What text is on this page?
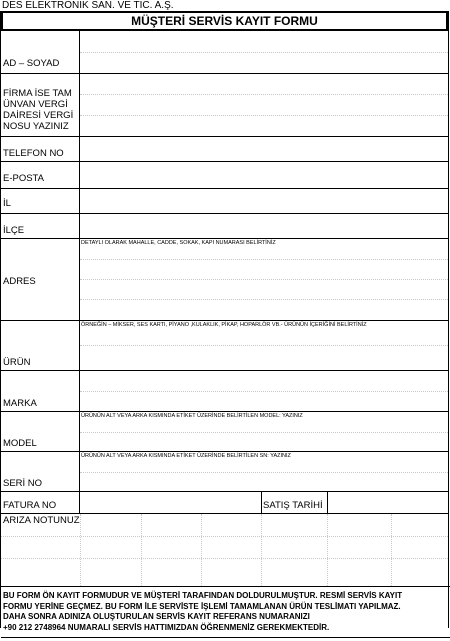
DES ELEKTRONİK SAN. VE TİC. A.Ş.
MÜŞTERİ SERVİS KAYIT FORMU
AD – SOYAD
FİRMA İSE TAM
ÜNVAN VERGİ
DAİRESİ VERGİ
NOSU YAZINIZ
TELEFON NO
E-POSTA
İL
İLÇE
ADRES
DETAYLI OLARAK MAHALLE, CADDE, SOKAK, KAPI NUMARASI BELİRTİNİZ
ÜRÜN
ÖRNEĞİN – MİKSER, SES KARTI, PİYANO ,KULAKLIK, PİKAP, HOPARLÖR VB.- ÜRÜNÜN İÇERİĞİNİ BELİRTİNİZ
MARKA
MODEL
ÜRÜNÜN ALT VEYA ARKA KISMINDA ETİKET ÜZERİNDE BELİRTİLEN MODEL: YAZINIZ
SERİ NO
ÜRÜNÜN ALT VEYA ARKA KISMINDA ETİKET ÜZERİNDE BELİRTİLEN SN: YAZINIZ
FATURA NO	SATIŞ TARİHİ
ARIZA NOTUNUZ
BU FORM ÖN KAYIT FORMUDUR VE MÜŞTERİ TARAFINDAN DOLDURULMUŞTUR. RESMİ SERVİS KAYIT
FORMU YERİNE GEÇMEZ. BU FORM İLE SERVİSTE İŞLEMİ TAMAMLANAN ÜRÜN TESLİMATI YAPILMAZ.
DAHA SONRA ADINIZA OLUŞTURULAN SERVİS KAYIT REFERANS NUMARANIZI
+90 212 2748964 NUMARALI SERVİS HATTIMIZDAN ÖĞRENMENİZ GEREKMEKTEDİR.
